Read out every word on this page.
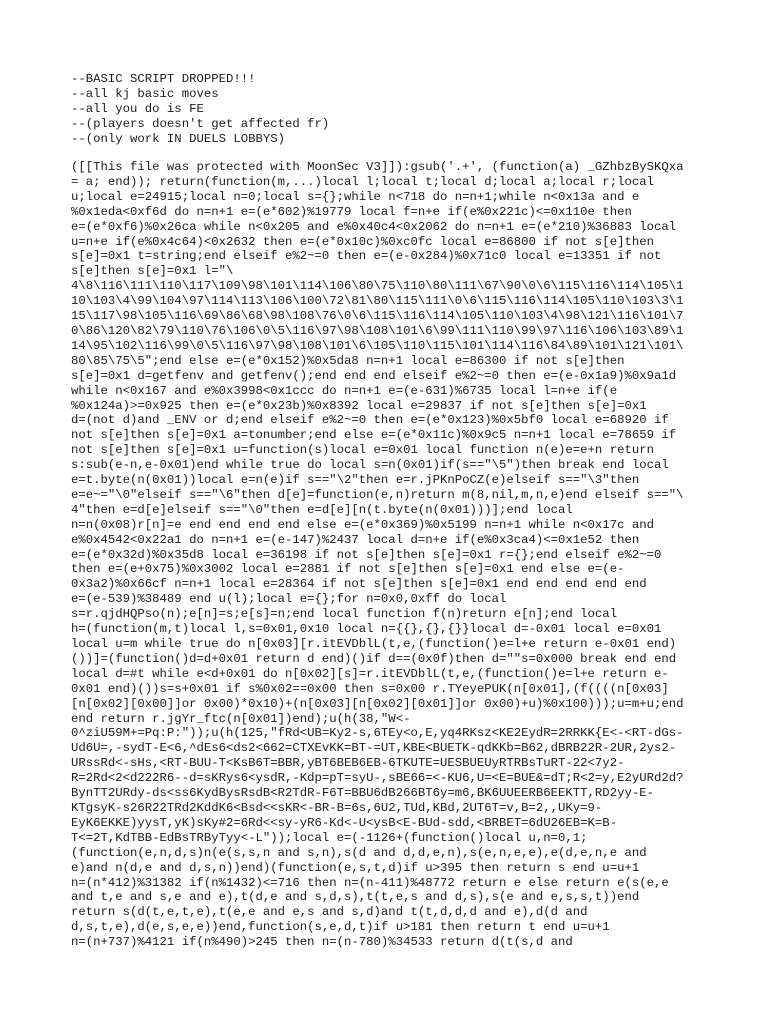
--BASIC SCRIPT DROPPED!!!
--all kj basic moves
--all you do is FE
--(players doesn't get affected fr)
--(only work IN DUELS LOBBYS)
([[This file was protected with MoonSec V3]]):gsub('.+', (function(a) _GZhbzBySKQxa
= a; end)); return(function(m,...)local l;local t;local d;local a;local r;local
u;local e=24915;local n=0;local s={};while n<718 do n=n+1;while n<0x13a and e
%0x1eda<0xf6d do n=n+1 e=(e*602)%19779 local f=n+e if(e%0x221c)<=0x110e then
e=(e*0xf6)%0x26ca while n<0x205 and e%0x40c4<0x2062 do n=n+1 e=(e*210)%36883 local
u=n+e if(e%0x4c64)<0x2632 then e=(e*0x10c)%0xc0fc local e=86800 if not s[e]then
s[e]=0x1 t=string;end elseif e%2~=0 then e=(e-0x284)%0x71c0 local e=13351 if not
s[e]then s[e]=0x1 l="\
4\8\116\111\110\117\109\98\101\114\106\80\75\110\80\111\67\90\0\6\115\116\114\105\1
10\103\4\99\104\97\114\113\106\100\72\81\80\115\111\0\6\115\116\114\105\110\103\3\1
15\117\98\105\116\69\86\68\98\108\76\0\6\115\116\114\105\110\103\4\98\121\116\101\7
0\86\120\82\79\110\76\106\0\5\116\97\98\108\101\6\99\111\110\99\97\116\106\103\89\1
14\95\102\116\99\0\5\116\97\98\108\101\6\105\110\115\101\114\116\84\89\101\121\101\
80\85\75\5";end else e=(e*0x152)%0x5da8 n=n+1 local e=86300 if not s[e]then
s[e]=0x1 d=getfenv and getfenv();end end end elseif e%2~=0 then e=(e-0x1a9)%0x9a1d
while n<0x167 and e%0x3998<0x1ccc do n=n+1 e=(e-631)%6735 local l=n+e if(e
%0x124a)>=0x925 then e=(e*0x23b)%0x8392 local e=29837 if not s[e]then s[e]=0x1
d=(not d)and _ENV or d;end elseif e%2~=0 then e=(e*0x123)%0x5bf0 local e=68920 if
not s[e]then s[e]=0x1 a=tonumber;end else e=(e*0x11c)%0x9c5 n=n+1 local e=78659 if
not s[e]then s[e]=0x1 u=function(s)local e=0x01 local function n(e)e=e+n return
s:sub(e-n,e-0x01)end while true do local s=n(0x01)if(s=="\5")then break end local
e=t.byte(n(0x01))local e=n(e)if s=="\2"then e=r.jPKnPoCZ(e)elseif s=="\3"then
e=e~="\0"elseif s=="\6"then d[e]=function(e,n)return m(8,nil,m,n,e)end elseif s=="\
4"then e=d[e]elseif s=="\0"then e=d[e][n(t.byte(n(0x01)))];end local
n=n(0x08)r[n]=e end end end end else e=(e*0x369)%0x5199 n=n+1 while n<0x17c and
e%0x4542<0x22a1 do n=n+1 e=(e-147)%2437 local d=n+e if(e%0x3ca4)<=0x1e52 then
e=(e*0x32d)%0x35d8 local e=36198 if not s[e]then s[e]=0x1 r={};end elseif e%2~=0
then e=(e+0x75)%0x3002 local e=2881 if not s[e]then s[e]=0x1 end else e=(e-
0x3a2)%0x66cf n=n+1 local e=28364 if not s[e]then s[e]=0x1 end end end end end
e=(e-539)%38489 end u(l);local e={};for n=0x0,0xff do local
s=r.qjdHQPso(n);e[n]=s;e[s]=n;end local function f(n)return e[n];end local
h=(function(m,t)local l,s=0x01,0x10 local n={{},{},{}}local d=-0x01 local e=0x01
local u=m while true do n[0x03][r.itEVDblL(t,e,(function()e=l+e return e-0x01 end)
())]=(function()d=d+0x01 return d end)()if d==(0x0f)then d=""s=0x000 break end end
local d=#t while e<d+0x01 do n[0x02][s]=r.itEVDblL(t,e,(function()e=l+e return e-
0x01 end)())s=s+0x01 if s%0x02==0x00 then s=0x00 r.TYeyePUK(n[0x01],(f((((n[0x03]
[n[0x02][0x00]]or 0x00)*0x10)+(n[0x03][n[0x02][0x01]]or 0x00)+u)%0x100)));u=m+u;end
end return r.jgYr_ftc(n[0x01])end);u(h(38,"W<-
0^ziU59M+=Pq:P:"));u(h(125,"fRd<UB=Ky2-s,6TEy<o,E,yq4RKsz<KE2EydR=2RRKK{E<-<RT-dGs-
Ud6U=,-sydT-E<6,^dEs6<ds2<662=CTXEvKK=BT-=UT,KBE<BUETK-qdKKb=B62,dBRB22R-2UR,2ys2-
URssRd<-sHs,<RT-BUU-T<KsB6T=BBR,yBT6BEB6EB-6TKUTE=UESBUEUyRTRBsTuRT-22<7y2-
R=2Rd<2<d222R6--d=sKRys6<ysdR,-Kdp=pT=syU-,sBE66=<-KU6,U=<E=BUE&=dT;R<2=y,E2yURd2d?
BynTT2URdy-ds<ss6KydBysRsdB<R2TdR-F6T=BBU6dB266BT6y=m6,BK6UUEERB6EEKTT,RD2yy-E-
KTgsyK-s26R22TRd2KddK6<Bsd<<sKR<-BR-B=6s,6U2,TUd,KBd,2UT6T=v,B=2,,UKy=9-
EyK6EKKE)yysT,yK)sKy#2=6Rd<<sy-yR6-Kd<-U<ysB<E-BUd-sdd,<BRBET=6dU26EB=K=B-
T<=2T,KdTBB-EdBsTRByTyy<-L"));local e=(-1126+(function()local u,n=0,1;
(function(e,n,d,s)n(e(s,s,n and s,n),s(d and d,d,e,n),s(e,n,e,e),e(d,e,n,e and
e)and n(d,e and d,s,n))end)(function(e,s,t,d)if u>395 then return s end u=u+1
n=(n*412)%31382 if(n%1432)<=716 then n=(n-411)%48772 return e else return e(s(e,e
and t,e and s,e and e),t(d,e and s,d,s),t(t,e,s and d,s),s(e and e,s,s,t))end
return s(d(t,e,t,e),t(e,e and e,s and s,d)and t(t,d,d,d and e),d(d and
d,s,t,e),d(e,s,e,e))end,function(s,e,d,t)if u>181 then return t end u=u+1
n=(n+737)%4121 if(n%490)>245 then n=(n-780)%34533 return d(t(s,d and
